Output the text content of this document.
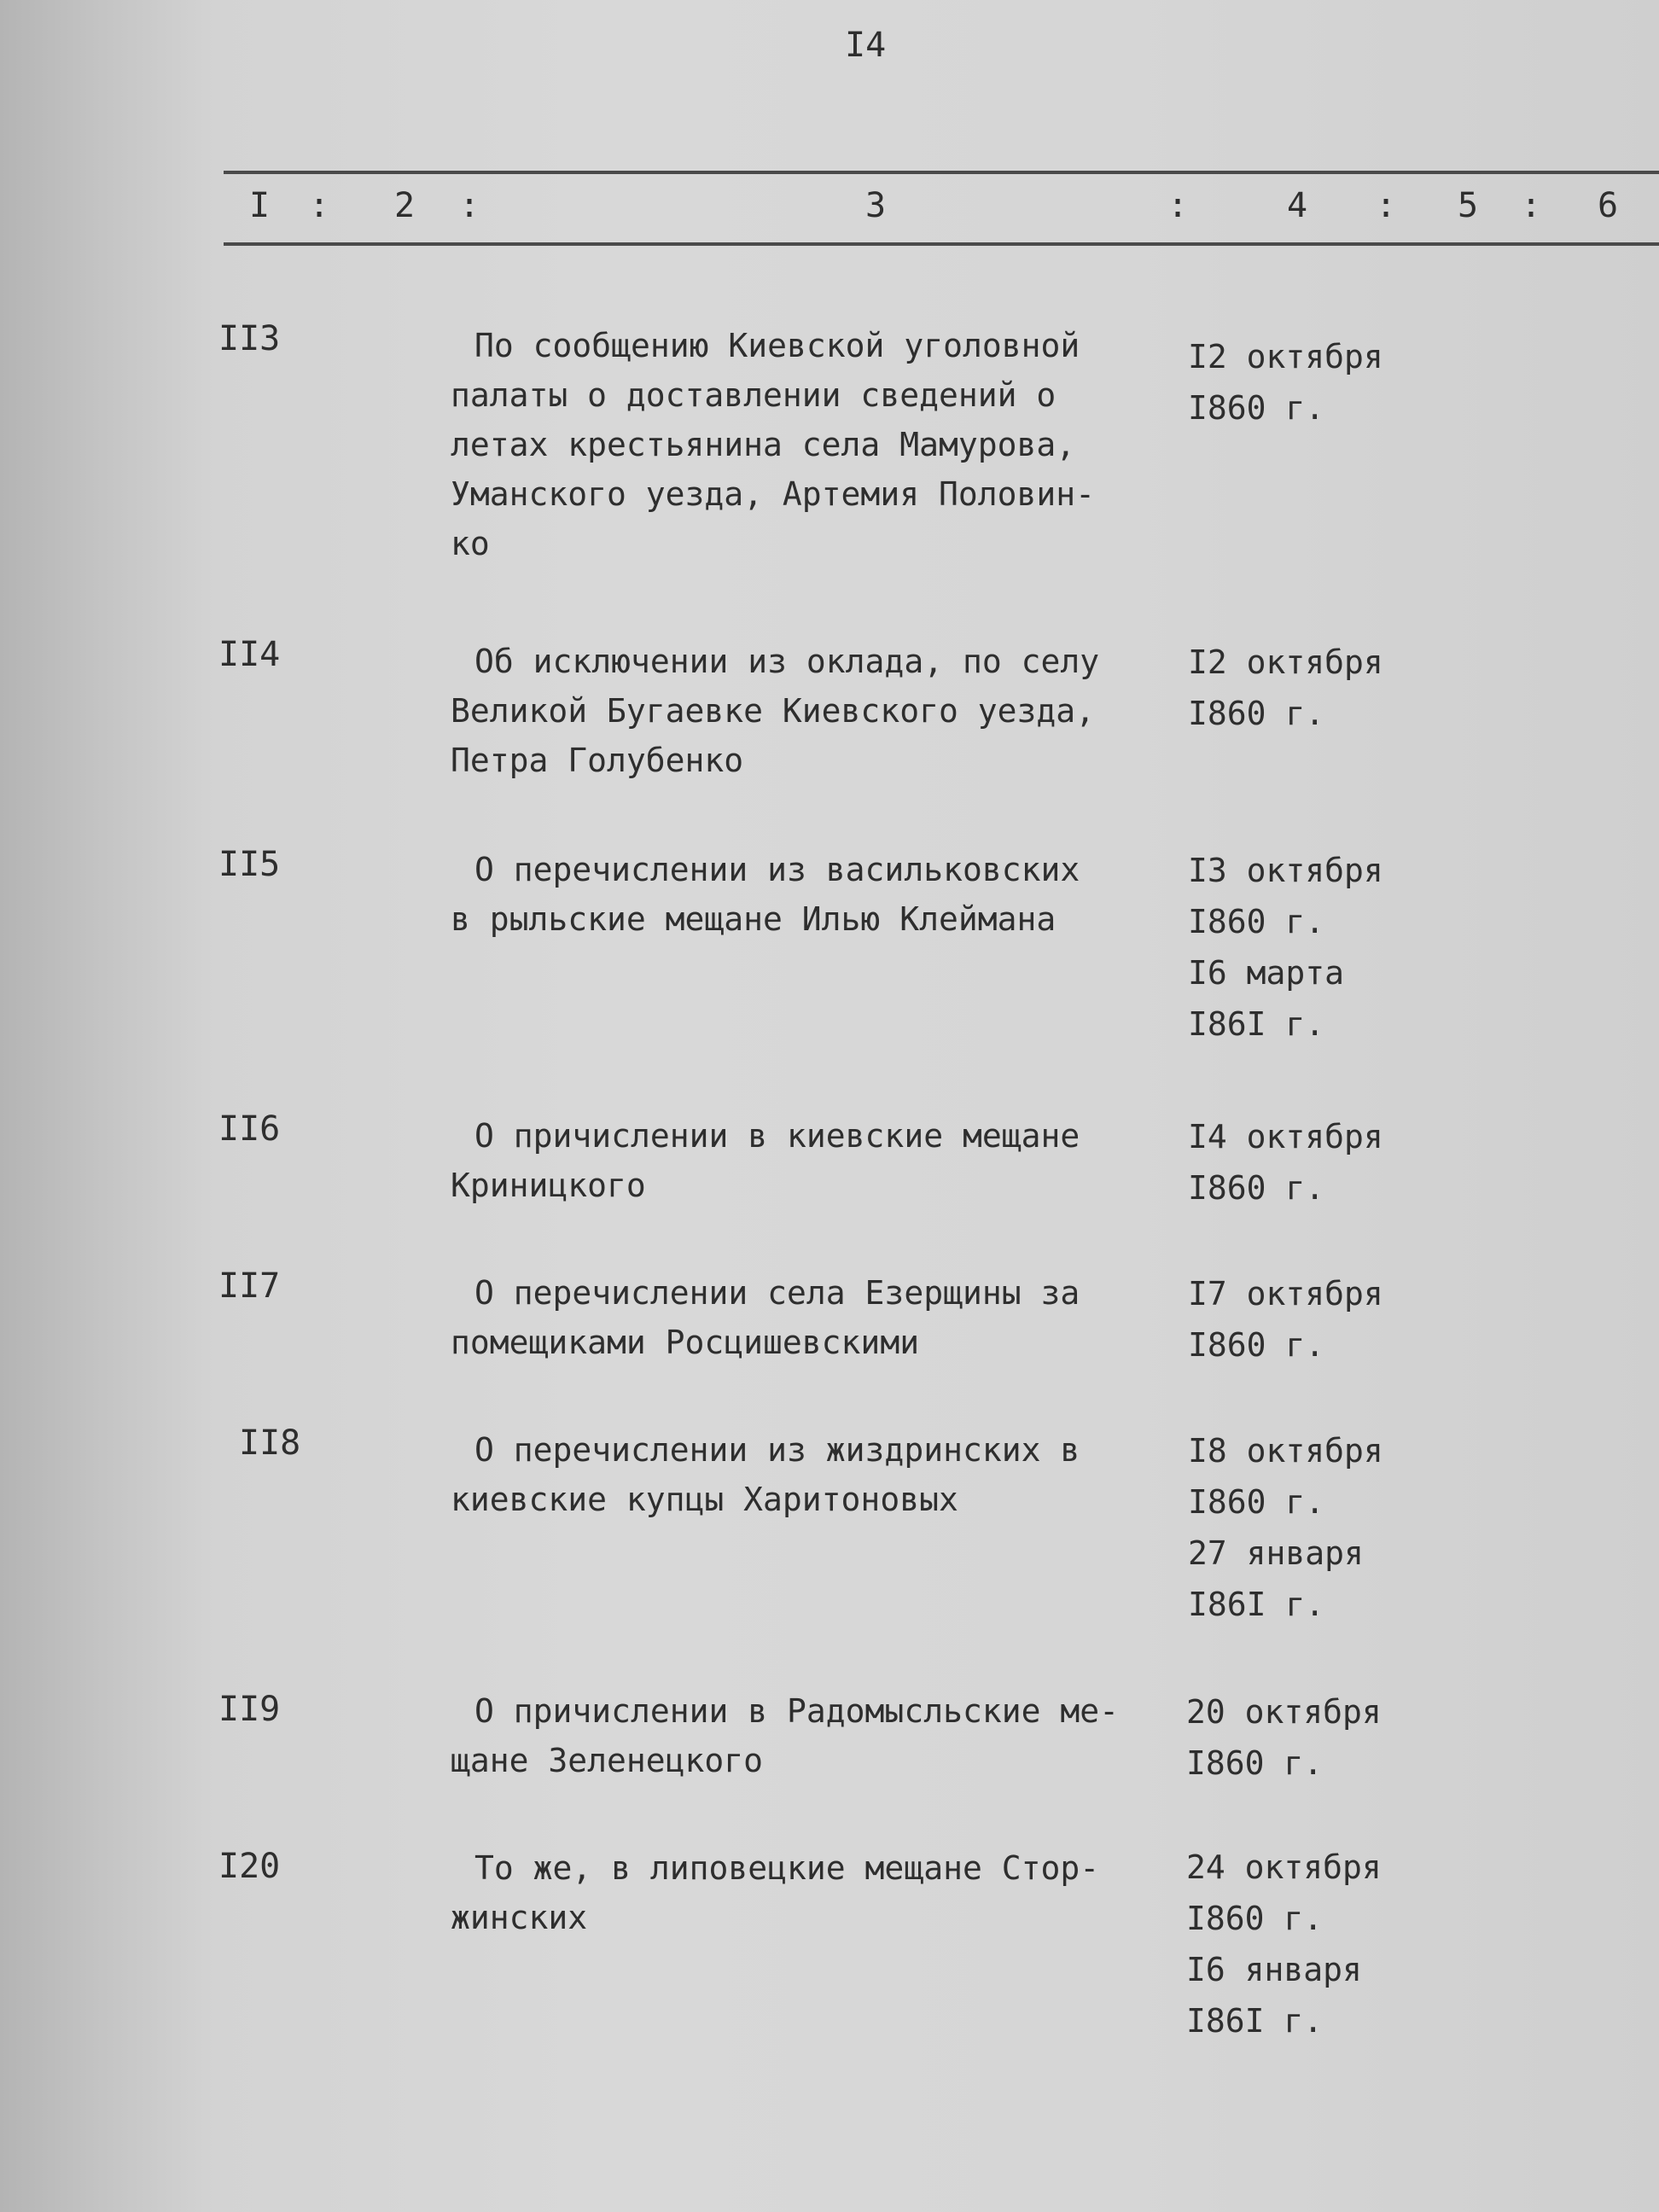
I4
I : 2 :	3	:	4 : 5 : 6
II3	По сообщению Киевской уголовной
палаты о доставлении сведений о
летах крестьянина села Мамурова,
Уманского уезда, Артемия Половин-
ко
I2 октября
I860 г.
II4	Об исключении из оклада, по селу
Великой Бугаевке Киевского уезда,
Петра Голубенко
I2 октября
I860 г.
II5	О перечислении из васильковских
в рыльские мещане Илью Клеймана
I3 октября
I860 г.
I6 марта
I86I г.
II6	О причислении в киевские мещане
Криницкого
I4 октября
I860 г.
II7	О перечислении села Езерщины за
помещиками Росцишевскими
I7 октября
I860 г.
II8	О перечислении из жиздринских в
киевские купцы Харитоновых
I8 октября
I860 г.
27 января
I86I г.
II9	О причислении в Радомысльские ме-
щане Зеленецкого
20 октября
I860 г.
I20	То же, в липовецкие мещане Стор-
жинских
24 октября
I860 г.
I6 января
I86I г.
